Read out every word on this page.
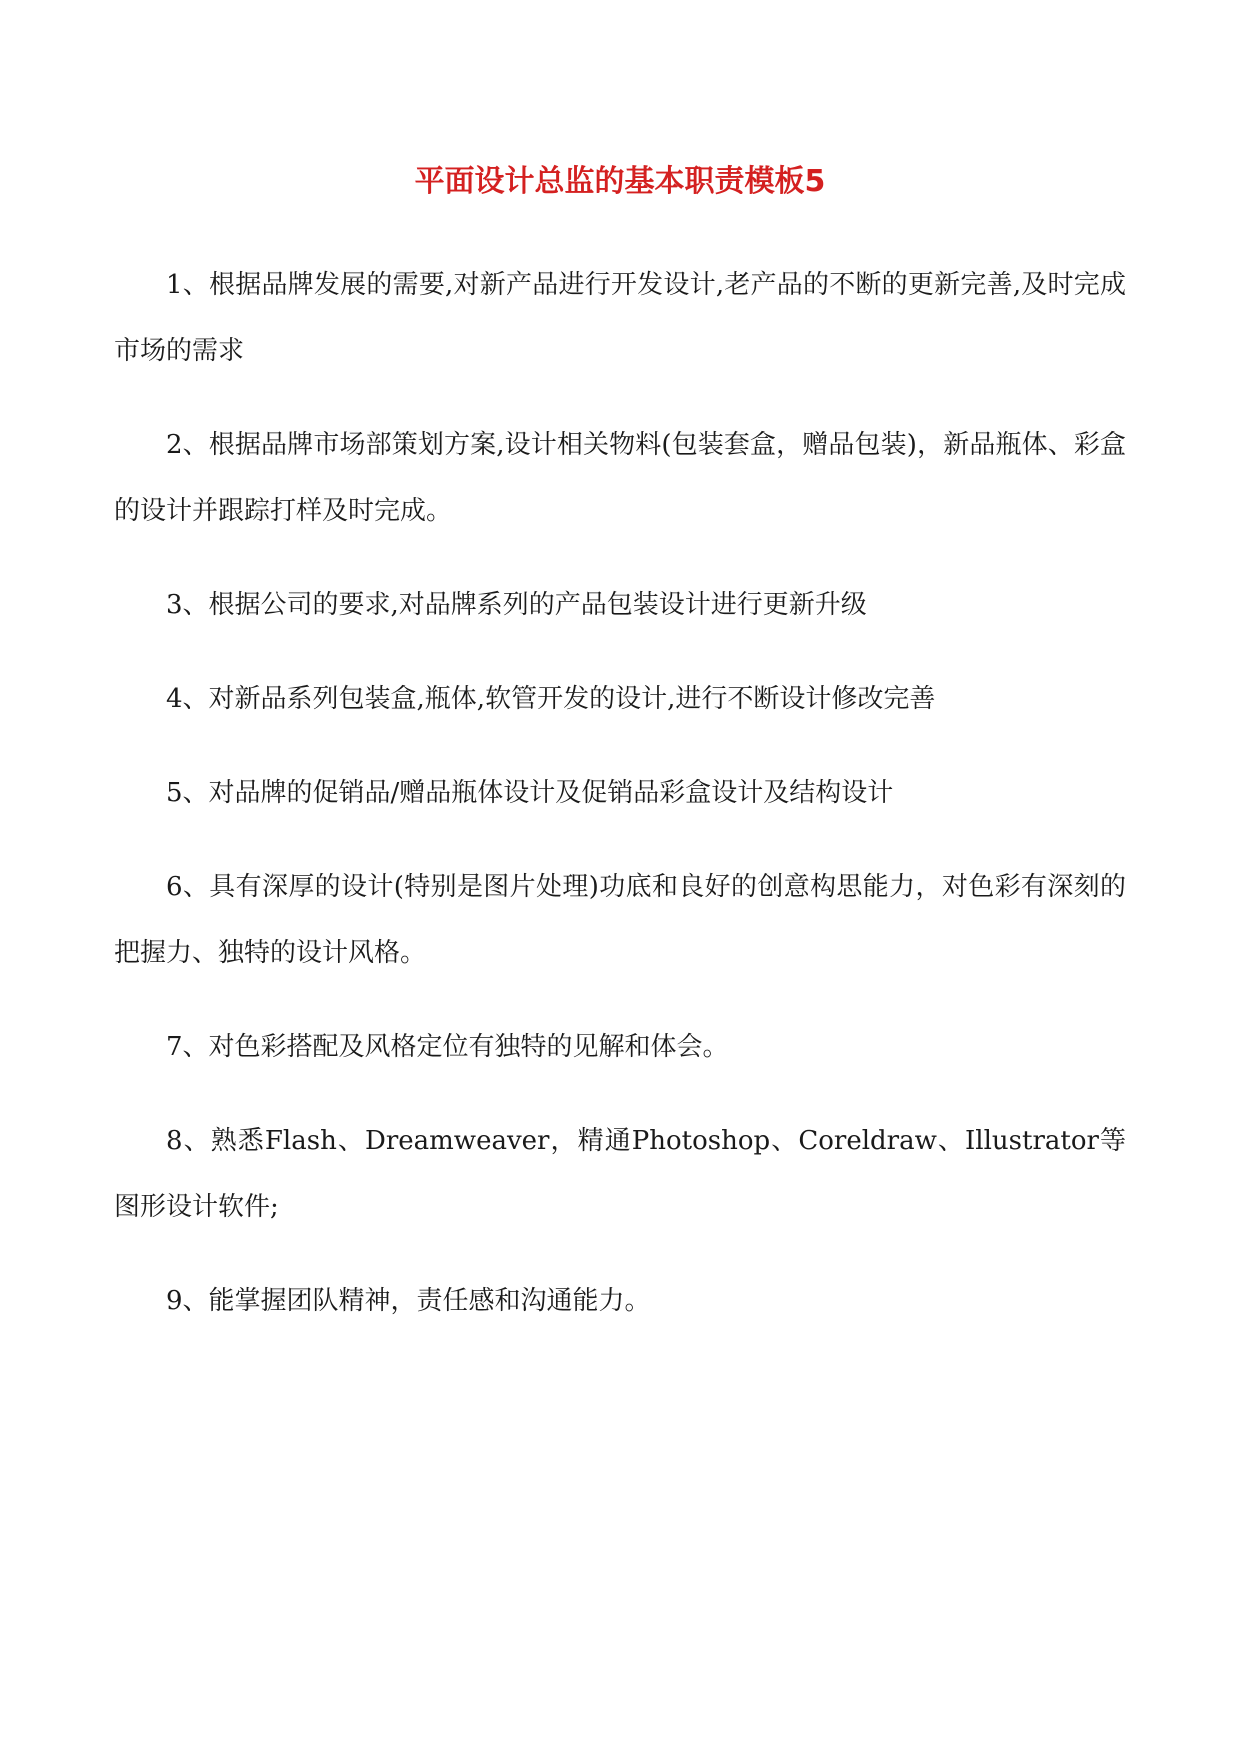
平面设计总监的基本职责模板5

1、根据品牌发展的需要,对新产品进行开发设计,老产品的不断的更新完善,及时完成市场的需求

2、根据品牌市场部策划方案,设计相关物料(包装套盒，赠品包装)，新品瓶体、彩盒的设计并跟踪打样及时完成。

3、根据公司的要求,对品牌系列的产品包装设计进行更新升级

4、对新品系列包装盒,瓶体,软管开发的设计,进行不断设计修改完善

5、对品牌的促销品/赠品瓶体设计及促销品彩盒设计及结构设计

6、具有深厚的设计(特别是图片处理)功底和良好的创意构思能力，对色彩有深刻的把握力、独特的设计风格。

7、对色彩搭配及风格定位有独特的见解和体会。

8、熟悉Flash、Dreamweaver，精通Photoshop、Coreldraw、Illustrator等图形设计软件;

9、能掌握团队精神，责任感和沟通能力。
